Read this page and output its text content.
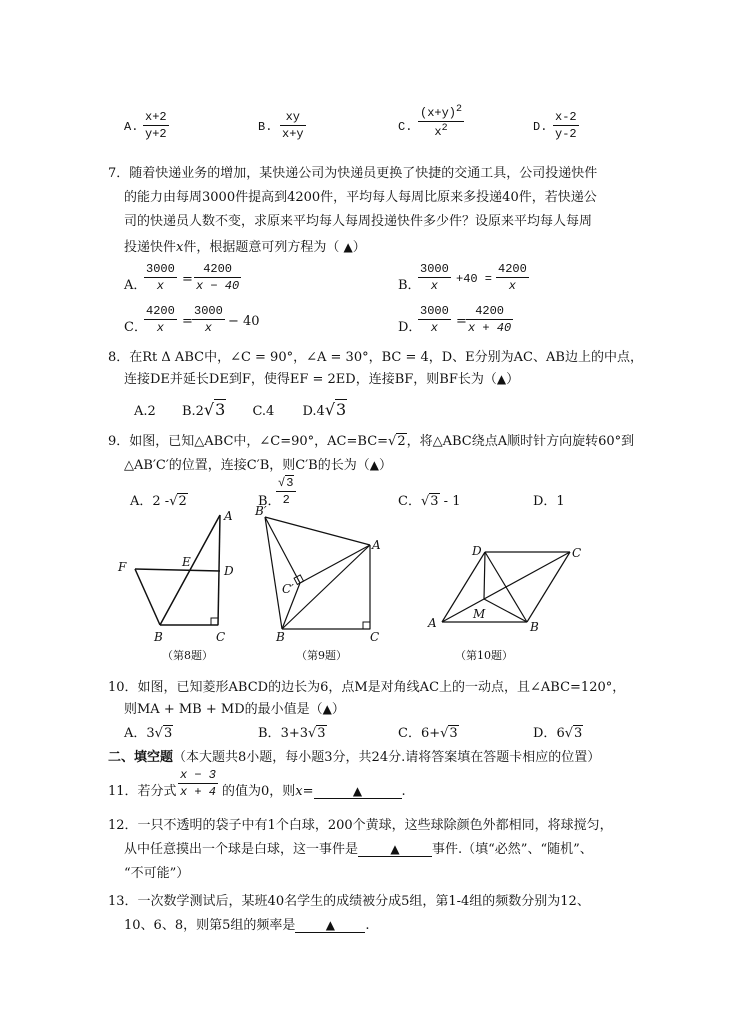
A. $\frac{x+2}{y+2}$	B. $\frac{xy}{x+y}$	C. $\frac{(x+y)^2}{x^2}$	D. $\frac{x-2}{y-2}$
7．随着快递业务的增加，某快递公司为快递员更换了快捷的交通工具，公司投递快件
的能力由每周3000件提高到4200件，平均每人每周比原来多投递40件，若快递公
司的快递员人数不变，求原来平均每人每周投递快件多少件？设原来平均每人每周
投递快件x件，根据题意可列方程为（ ▲）
A．
$\frac{3000}{x} = \frac{4200}{x - 40}$	B．
$\frac{3000}{x} +40 = \frac{4200}{x}$
C．
$\frac{4200}{x} = \frac{3000}{x} - 40$	D．
$\frac{3000}{x} = \frac{4200}{x + 40}$
8．在Rt Δ ABC中，∠C = 90°，∠A = 30°，BC = 4，D、E分别为AC、AB边上的中点，
连接DE并延长DE到F，使得EF = 2ED，连接BF，则BF长为（▲）
A.2 B.2√3 C.4 D.4√3
9．如图，已知△ABC中，∠C=90°，AC=BC=√2，将△ABC绕点A顺时针方向旋转60°到
△AB′C′的位置，连接C′B，则C′B的长为（▲）
A．2 -√2	B．
$\frac{√3}{2}$	C．√3 - 1	D．1
A
E
D
F
B	C
（第8题）
B′
A
C′
B	C
（第9题）
D	C
M
A	B
（第10题）
10．如图，已知菱形ABCD的边长为6，点M是对角线AC上的一动点，且∠ABC=120°，
则MA + MB + MD的最小值是（▲）
A．3√3	B．3+3√3	C．6+√3	D．6√3
二、填空题（本大题共8小题，每小题3分，共24分.请将答案填在答题卡相应的位置）
11．若分式 $\frac{x - 3}{x + 4}$ 的值为0，则x=	▲	.
12．一只不透明的袋子中有1个白球，200个黄球，这些球除颜色外都相同，将球搅匀，
从中任意摸出一个球是白球，这一事件是	▲ 事件.（填“必然”、“随机”、
“不可能”）
13．一次数学测试后，某班40名学生的成绩被分成5组，第1-4组的频数分别为12、
10、6、8，则第5组的频率是	▲ .
